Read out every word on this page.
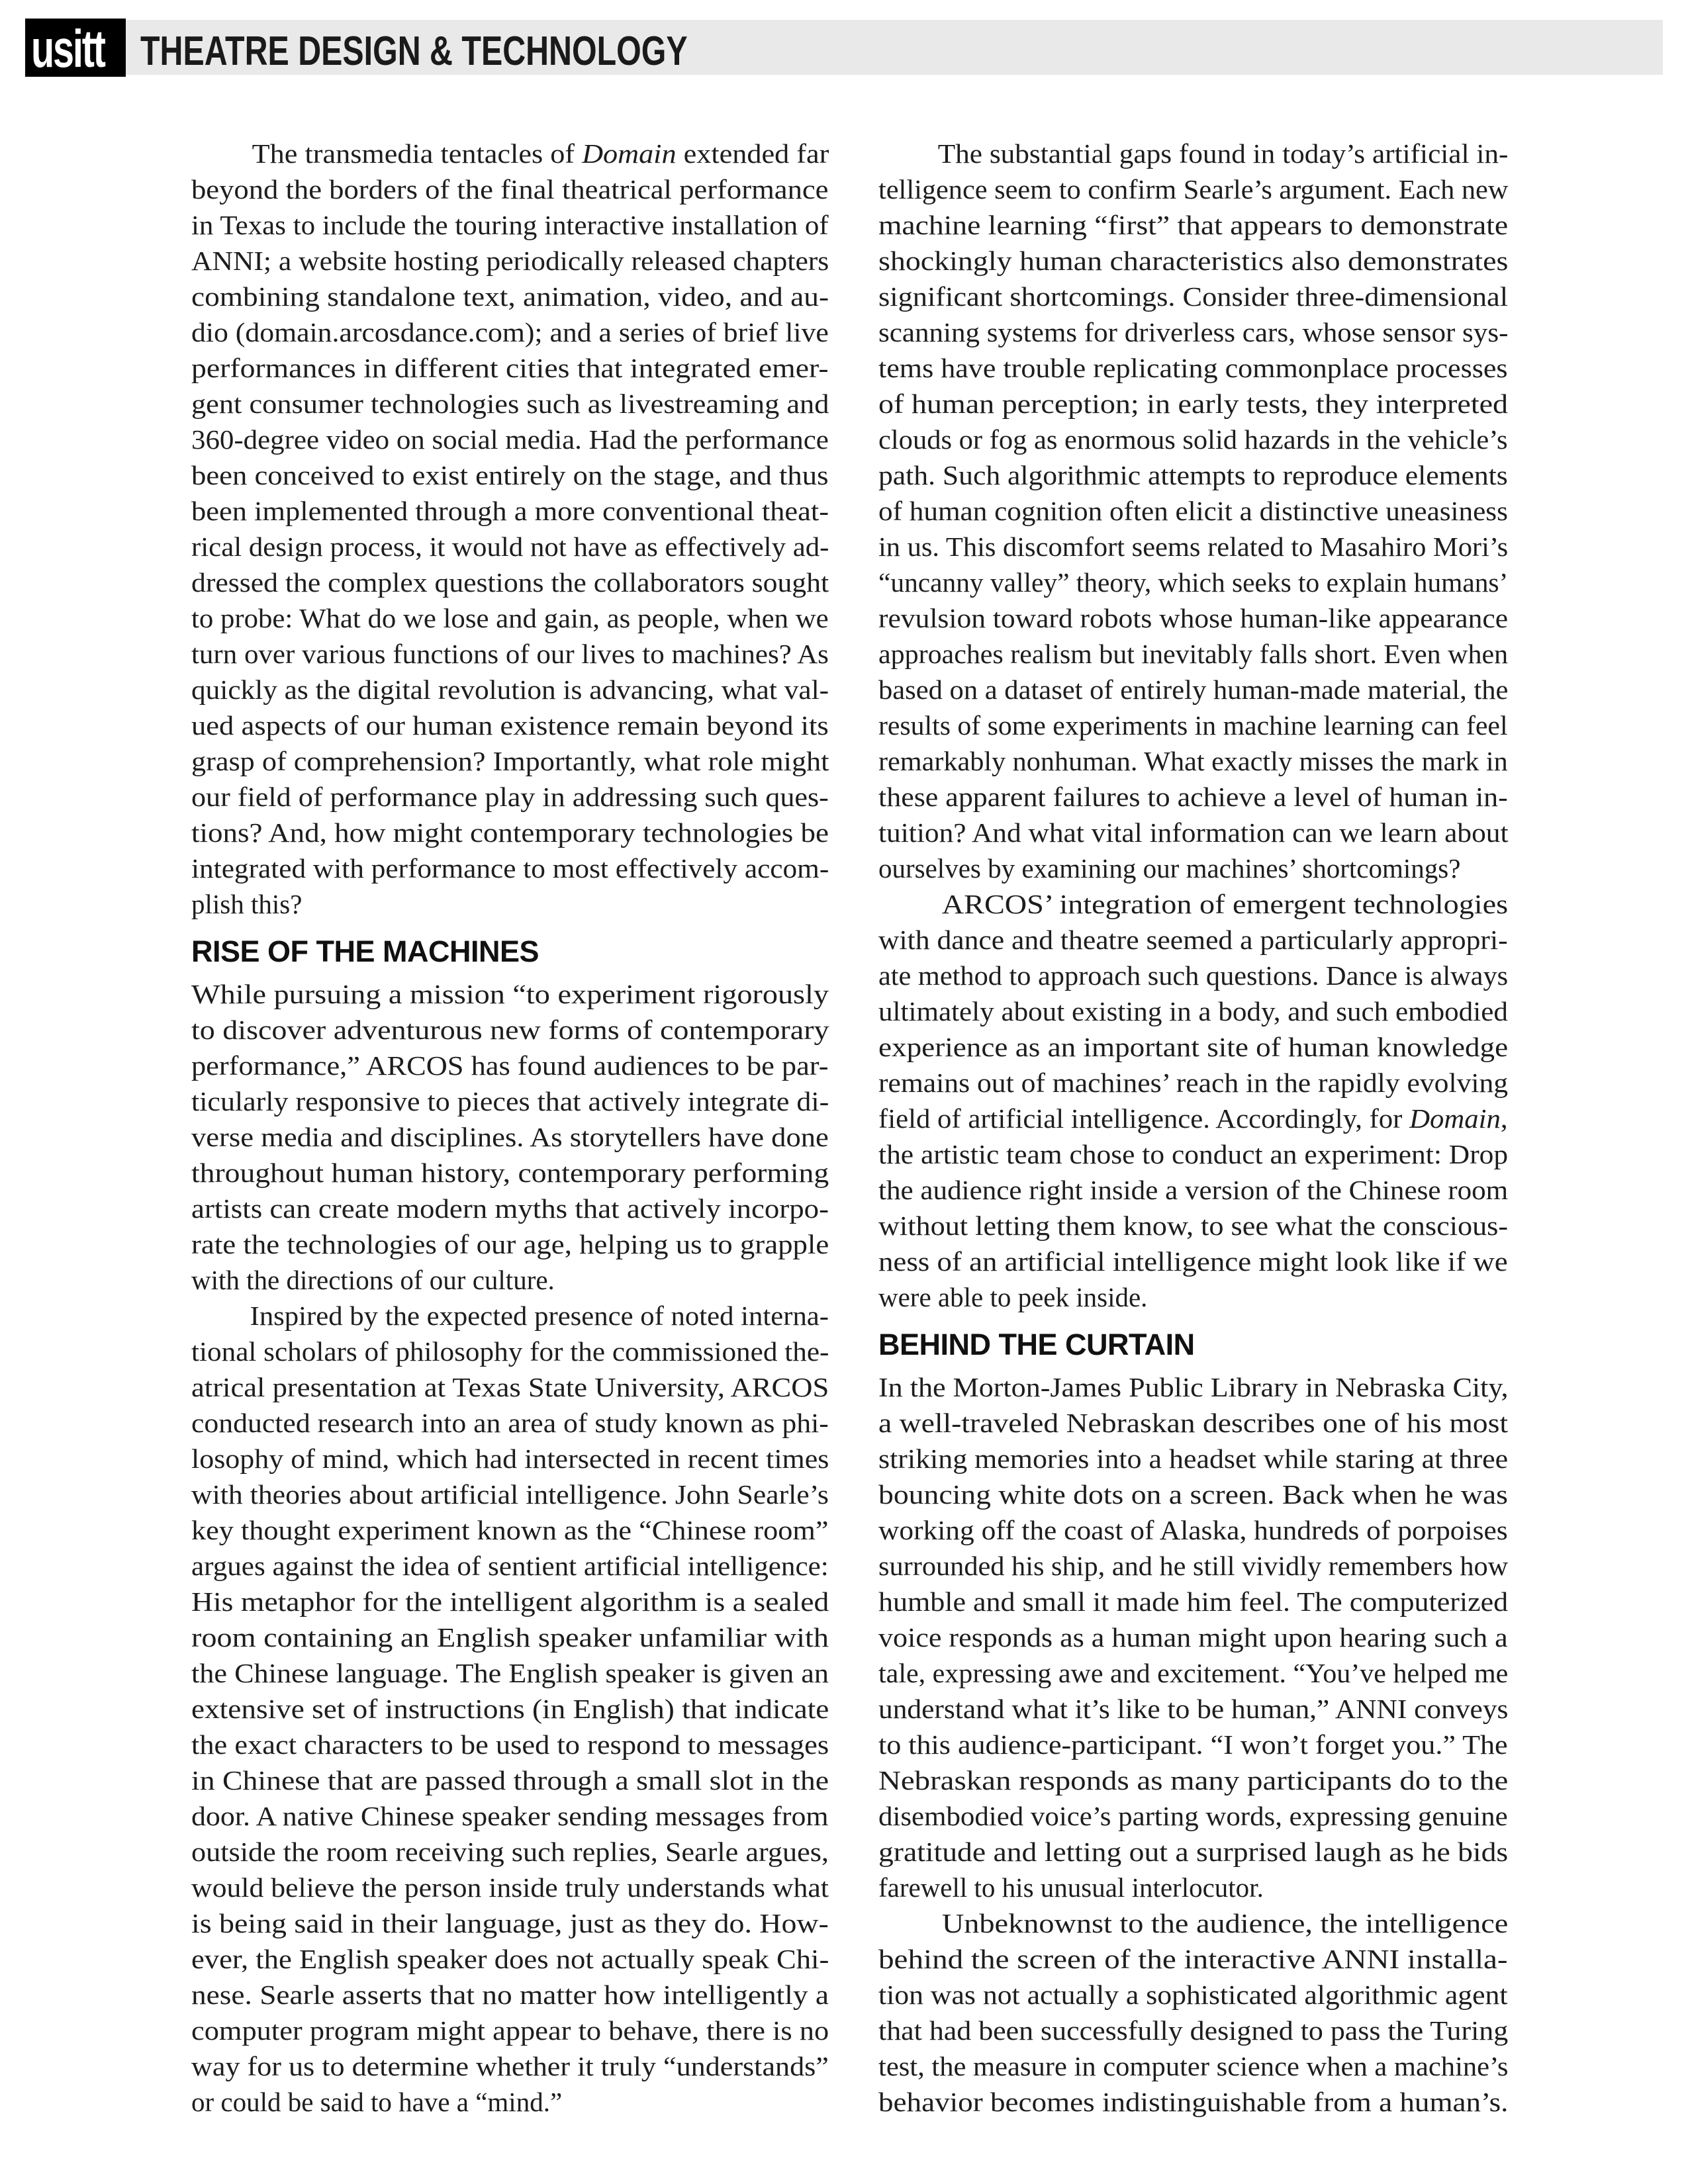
usitt THEATRE DESIGN & TECHNOLOGY
The transmedia tentacles of Domain extended far
beyond the borders of the final theatrical performance
in Texas to include the touring interactive installation of
ANNI; a website hosting periodically released chapters
combining standalone text, animation, video, and au-
dio (domain.arcosdance.com); and a series of brief live
performances in different cities that integrated emer-
gent consumer technologies such as livestreaming and
360-degree video on social media. Had the performance
been conceived to exist entirely on the stage, and thus
been implemented through a more conventional theat-
rical design process, it would not have as effectively ad-
dressed the complex questions the collaborators sought
to probe: What do we lose and gain, as people, when we
turn over various functions of our lives to machines? As
quickly as the digital revolution is advancing, what val-
ued aspects of our human existence remain beyond its
grasp of comprehension? Importantly, what role might
our field of performance play in addressing such ques-
tions? And, how might contemporary technologies be
integrated with performance to most effectively accom-
plish this?
RISE OF THE MACHINES
While pursuing a mission “to experiment rigorously
to discover adventurous new forms of contemporary
performance,” ARCOS has found audiences to be par-
ticularly responsive to pieces that actively integrate di-
verse media and disciplines. As storytellers have done
throughout human history, contemporary performing
artists can create modern myths that actively incorpo-
rate the technologies of our age, helping us to grapple
with the directions of our culture.
Inspired by the expected presence of noted interna-
tional scholars of philosophy for the commissioned the-
atrical presentation at Texas State University, ARCOS
conducted research into an area of study known as phi-
losophy of mind, which had intersected in recent times
with theories about artificial intelligence. John Searle’s
key thought experiment known as the “Chinese room”
argues against the idea of sentient artificial intelligence:
His metaphor for the intelligent algorithm is a sealed
room containing an English speaker unfamiliar with
the Chinese language. The English speaker is given an
extensive set of instructions (in English) that indicate
the exact characters to be used to respond to messages
in Chinese that are passed through a small slot in the
door. A native Chinese speaker sending messages from
outside the room receiving such replies, Searle argues,
would believe the person inside truly understands what
is being said in their language, just as they do. How-
ever, the English speaker does not actually speak Chi-
nese. Searle asserts that no matter how intelligently a
computer program might appear to behave, there is no
way for us to determine whether it truly “understands”
or could be said to have a “mind.”
The substantial gaps found in today’s artificial in-
telligence seem to confirm Searle’s argument. Each new
machine learning “first” that appears to demonstrate
shockingly human characteristics also demonstrates
significant shortcomings. Consider three-dimensional
scanning systems for driverless cars, whose sensor sys-
tems have trouble replicating commonplace processes
of human perception; in early tests, they interpreted
clouds or fog as enormous solid hazards in the vehicle’s
path. Such algorithmic attempts to reproduce elements
of human cognition often elicit a distinctive uneasiness
in us. This discomfort seems related to Masahiro Mori’s
“uncanny valley” theory, which seeks to explain humans’
revulsion toward robots whose human-like appearance
approaches realism but inevitably falls short. Even when
based on a dataset of entirely human-made material, the
results of some experiments in machine learning can feel
remarkably nonhuman. What exactly misses the mark in
these apparent failures to achieve a level of human in-
tuition? And what vital information can we learn about
ourselves by examining our machines’ shortcomings?
ARCOS’ integration of emergent technologies
with dance and theatre seemed a particularly appropri-
ate method to approach such questions. Dance is always
ultimately about existing in a body, and such embodied
experience as an important site of human knowledge
remains out of machines’ reach in the rapidly evolving
field of artificial intelligence. Accordingly, for Domain,
the artistic team chose to conduct an experiment: Drop
the audience right inside a version of the Chinese room
without letting them know, to see what the conscious-
ness of an artificial intelligence might look like if we
were able to peek inside.
BEHIND THE CURTAIN
In the Morton-James Public Library in Nebraska City,
a well-traveled Nebraskan describes one of his most
striking memories into a headset while staring at three
bouncing white dots on a screen. Back when he was
working off the coast of Alaska, hundreds of porpoises
surrounded his ship, and he still vividly remembers how
humble and small it made him feel. The computerized
voice responds as a human might upon hearing such a
tale, expressing awe and excitement. “You’ve helped me
understand what it’s like to be human,” ANNI conveys
to this audience-participant. “I won’t forget you.” The
Nebraskan responds as many participants do to the
disembodied voice’s parting words, expressing genuine
gratitude and letting out a surprised laugh as he bids
farewell to his unusual interlocutor.
Unbeknownst to the audience, the intelligence
behind the screen of the interactive ANNI installa-
tion was not actually a sophisticated algorithmic agent
that had been successfully designed to pass the Turing
test, the measure in computer science when a machine’s
behavior becomes indistinguishable from a human’s.
